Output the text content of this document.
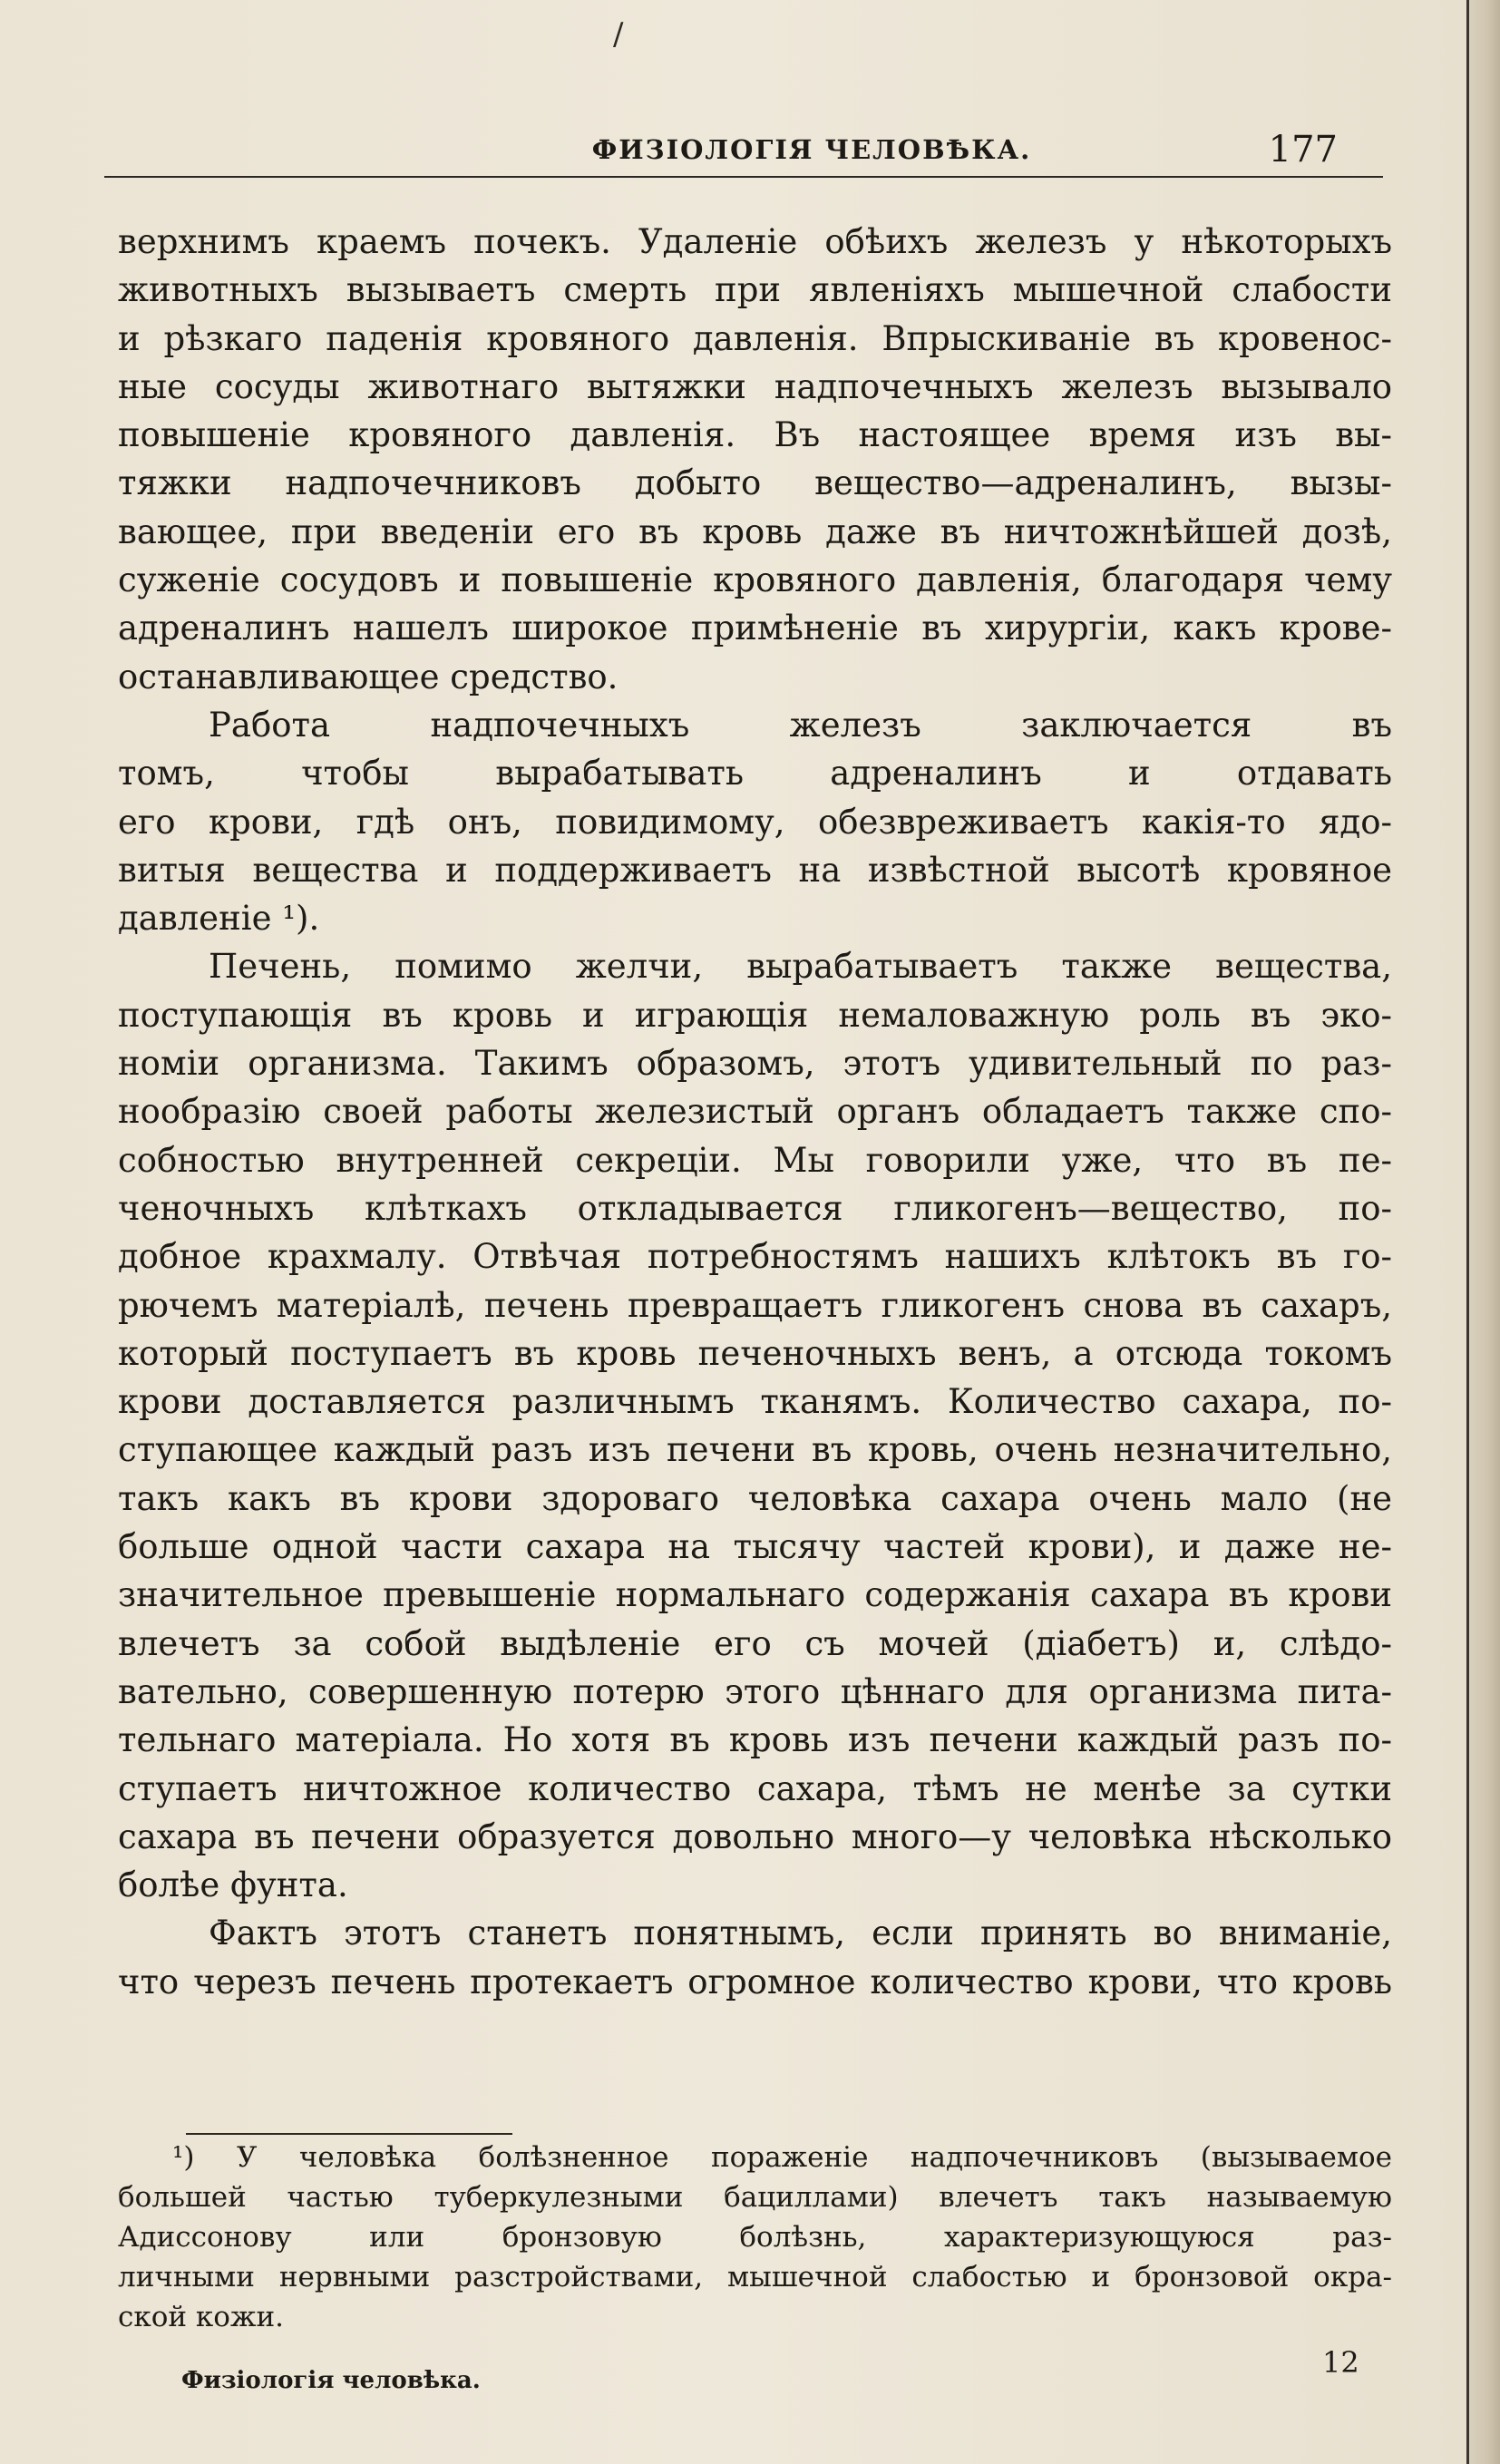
/
ФИЗІОЛОГІЯ ЧЕЛОВѢКА.	177
верхнимъ краемъ почекъ. Удаленіе обѣихъ железъ у нѣкоторыхъ
животныхъ вызываетъ смерть при явленіяхъ мышечной слабости
и рѣзкаго паденія кровяного давленія. Впрыскиваніе въ кровенос-
ные сосуды животнаго вытяжки надпочечныхъ железъ вызывало
повышеніе кровяного давленія. Въ настоящее время изъ вы-
тяжки надпочечниковъ добыто вещество—адреналинъ, вызы-
вающее, при введеніи его въ кровь даже въ ничтожнѣйшей дозѣ,
суженіе сосудовъ и повышеніе кровяного давленія, благодаря чему
адреналинъ нашелъ широкое примѣненіе въ хирургіи, какъ крове-
останавливающее средство.
Работа надпочечныхъ железъ заключается въ
томъ, чтобы вырабатывать адреналинъ и отдавать
его крови, гдѣ онъ, повидимому, обезвреживаетъ какія-то ядо-
витыя вещества и поддерживаетъ на извѣстной высотѣ кровяное
давленіе ¹).
Печень, помимо желчи, вырабатываетъ также вещества,
поступающія въ кровь и играющія немаловажную роль въ эко-
номіи организма. Такимъ образомъ, этотъ удивительный по раз-
нообразію своей работы железистый органъ обладаетъ также спо-
собностью внутренней секреціи. Мы говорили уже, что въ пе-
ченочныхъ клѣткахъ откладывается гликогенъ—вещество, по-
добное крахмалу. Отвѣчая потребностямъ нашихъ клѣтокъ въ го-
рючемъ матеріалѣ, печень превращаетъ гликогенъ снова въ сахаръ,
который поступаетъ въ кровь печеночныхъ венъ, а отсюда токомъ
крови доставляется различнымъ тканямъ. Количество сахара, по-
ступающее каждый разъ изъ печени въ кровь, очень незначительно,
такъ какъ въ крови здороваго человѣка сахара очень мало (не
больше одной части сахара на тысячу частей крови), и даже не-
значительное превышеніе нормальнаго содержанія сахара въ крови
влечетъ за собой выдѣленіе его съ мочей (діабетъ) и, слѣдо-
вательно, совершенную потерю этого цѣннаго для организма пита-
тельнаго матеріала. Но хотя въ кровь изъ печени каждый разъ по-
ступаетъ ничтожное количество сахара, тѣмъ не менѣе за сутки
сахара въ печени образуется довольно много—у человѣка нѣсколько
болѣе фунта.
Фактъ этотъ станетъ понятнымъ, если принять во вниманіе,
что черезъ печень протекаетъ огромное количество крови, что кровь
¹) У человѣка болѣзненное пораженіе надпочечниковъ (вызываемое
большей частью туберкулезными бациллами) влечетъ такъ называемую
Адиссонову или бронзовую болѣзнь, характеризующуюся раз-
личными нервными разстройствами, мышечной слабостью и бронзовой окра-
ской кожи.
Физіологія человѣка.
12
